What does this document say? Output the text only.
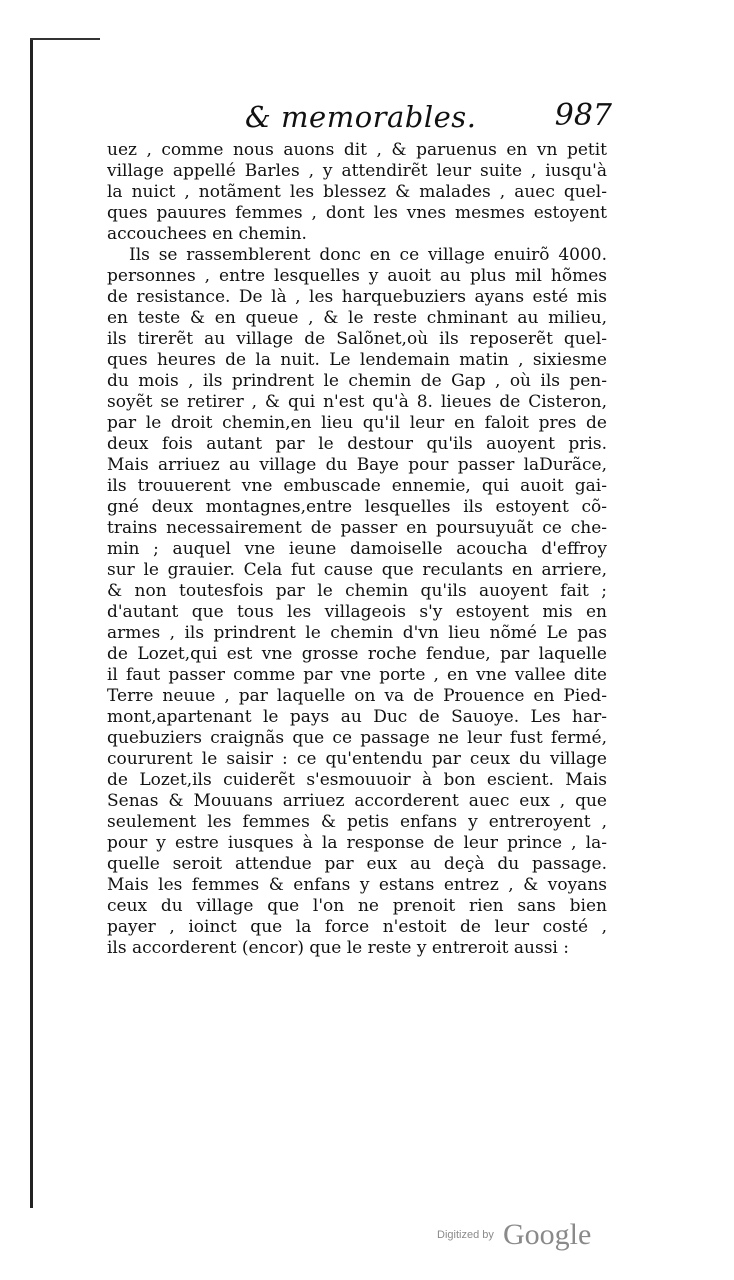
& memorables.	987
uez , comme nous auons dit , & paruenus en vn petit
village appellé Barles , y attendirẽt leur suite , iusqu'à
la nuict , notãment les blessez & malades , auec quel-
ques pauures femmes , dont les vnes mesmes estoyent
accouchees en chemin.
Ils se rassemblerent donc en ce village enuirõ 4000.
personnes , entre lesquelles y auoit au plus mil hõmes
de resistance. De là , les harquebuziers ayans esté mis
en teste & en queue , & le reste chminant au milieu,
ils tirerẽt au village de Salõnet,où ils reposerẽt quel-
ques heures de la nuit. Le lendemain matin , sixiesme
du mois , ils prindrent le chemin de Gap , où ils pen-
soyẽt se retirer , & qui n'est qu'à 8. lieues de Cisteron,
par le droit chemin,en lieu qu'il leur en faloit pres de
deux fois autant par le destour qu'ils auoyent pris.
Mais arriuez au village du Baye pour passer laDurãce,
ils trouuerent vne embuscade ennemie, qui auoit gai-
gné deux montagnes,entre lesquelles ils estoyent cõ-
trains necessairement de passer en poursuyuãt ce che-
min ; auquel vne ieune damoiselle acoucha d'effroy
sur le grauier. Cela fut cause que reculants en arriere,
& non toutesfois par le chemin qu'ils auoyent fait ;
d'autant que tous les villageois s'y estoyent mis en
armes , ils prindrent le chemin d'vn lieu nõmé Le pas
de Lozet,qui est vne grosse roche fendue, par laquelle
il faut passer comme par vne porte , en vne vallee dite
Terre neuue , par laquelle on va de Prouence en Pied-
mont,apartenant le pays au Duc de Sauoye. Les har-
quebuziers craignãs que ce passage ne leur fust fermé,
coururent le saisir : ce qu'entendu par ceux du village
de Lozet,ils cuiderẽt s'esmouuoir à bon escient. Mais
Senas & Mouuans arriuez accorderent auec eux , que
seulement les femmes & petis enfans y entreroyent ,
pour y estre iusques à la response de leur prince , la-
quelle seroit attendue par eux au deçà du passage.
Mais les femmes & enfans y estans entrez , & voyans
ceux du village que l'on ne prenoit rien sans bien
payer , ioinct que la force n'estoit de leur costé ,
ils accorderent (encor) que le reste y entreroit aussi :
Digitized by Google
